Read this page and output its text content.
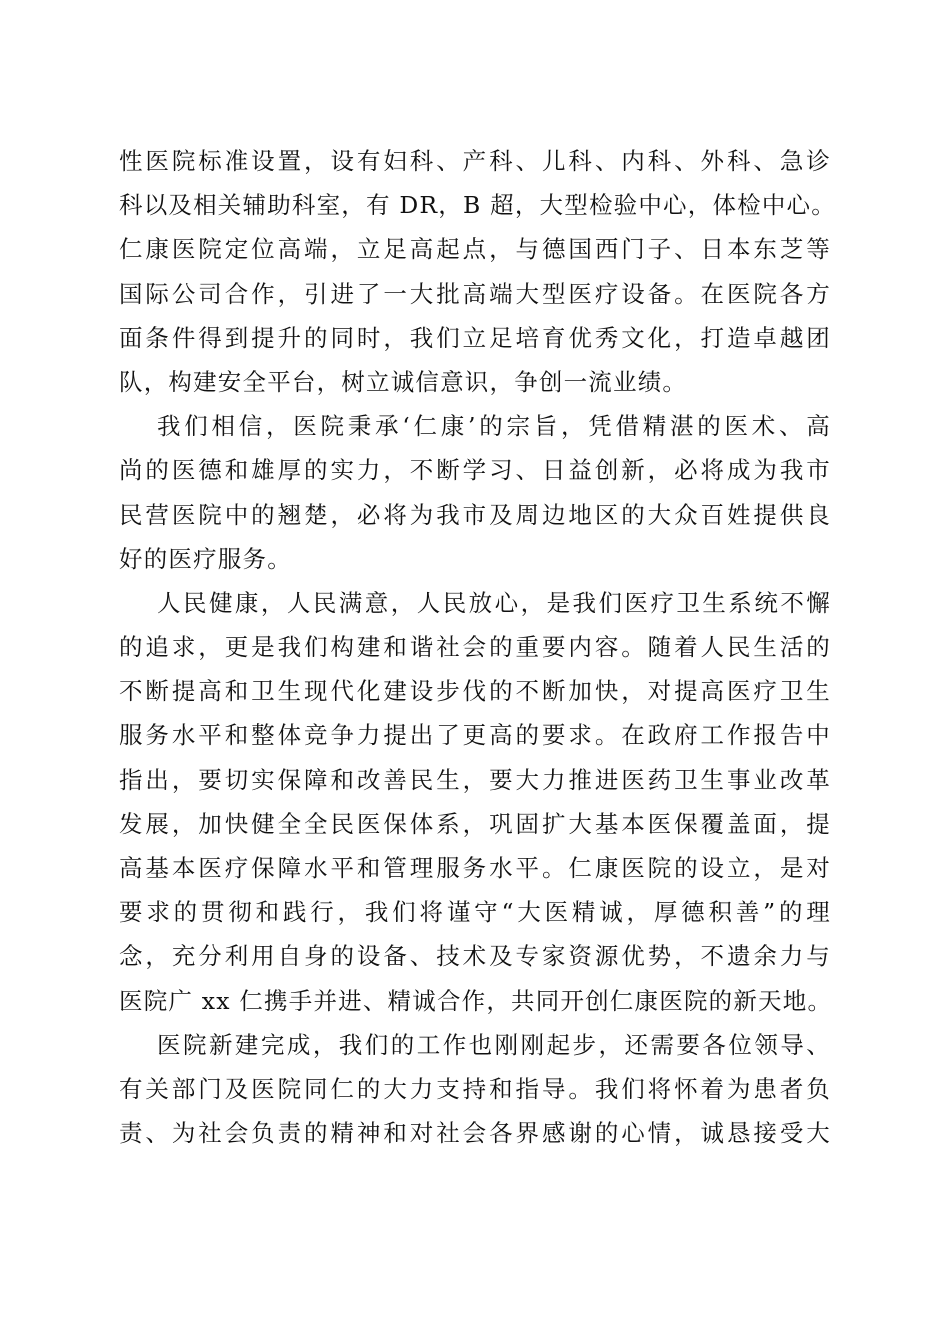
性医院标准设置，设有妇科、产科、儿科、内科、外科、急诊
科以及相关辅助科室，有 DR，B 超，大型检验中心，体检中心。
仁康医院定位高端，立足高起点，与德国西门子、日本东芝等
国际公司合作，引进了一大批高端大型医疗设备。在医院各方
面条件得到提升的同时，我们立足培育优秀文化，打造卓越团
队，构建安全平台，树立诚信意识，争创一流业绩。
我们相信，医院秉承‘仁康’的宗旨，凭借精湛的医术、高
尚的医德和雄厚的实力，不断学习、日益创新，必将成为我市
民营医院中的翘楚，必将为我市及周边地区的大众百姓提供良
好的医疗服务。
人民健康，人民满意，人民放心，是我们医疗卫生系统不懈
的追求，更是我们构建和谐社会的重要内容。随着人民生活的
不断提高和卫生现代化建设步伐的不断加快，对提高医疗卫生
服务水平和整体竞争力提出了更高的要求。在政府工作报告中
指出，要切实保障和改善民生，要大力推进医药卫生事业改革
发展，加快健全全民医保体系，巩固扩大基本医保覆盖面，提
高基本医疗保障水平和管理服务水平。仁康医院的设立，是对
要求的贯彻和践行，我们将谨守“大医精诚，厚德积善”的理
念，充分利用自身的设备、技术及专家资源优势，不遗余力与
医院广 xx 仁携手并进、精诚合作，共同开创仁康医院的新天地。
医院新建完成，我们的工作也刚刚起步，还需要各位领导、
有关部门及医院同仁的大力支持和指导。我们将怀着为患者负
责、为社会负责的精神和对社会各界感谢的心情，诚恳接受大
